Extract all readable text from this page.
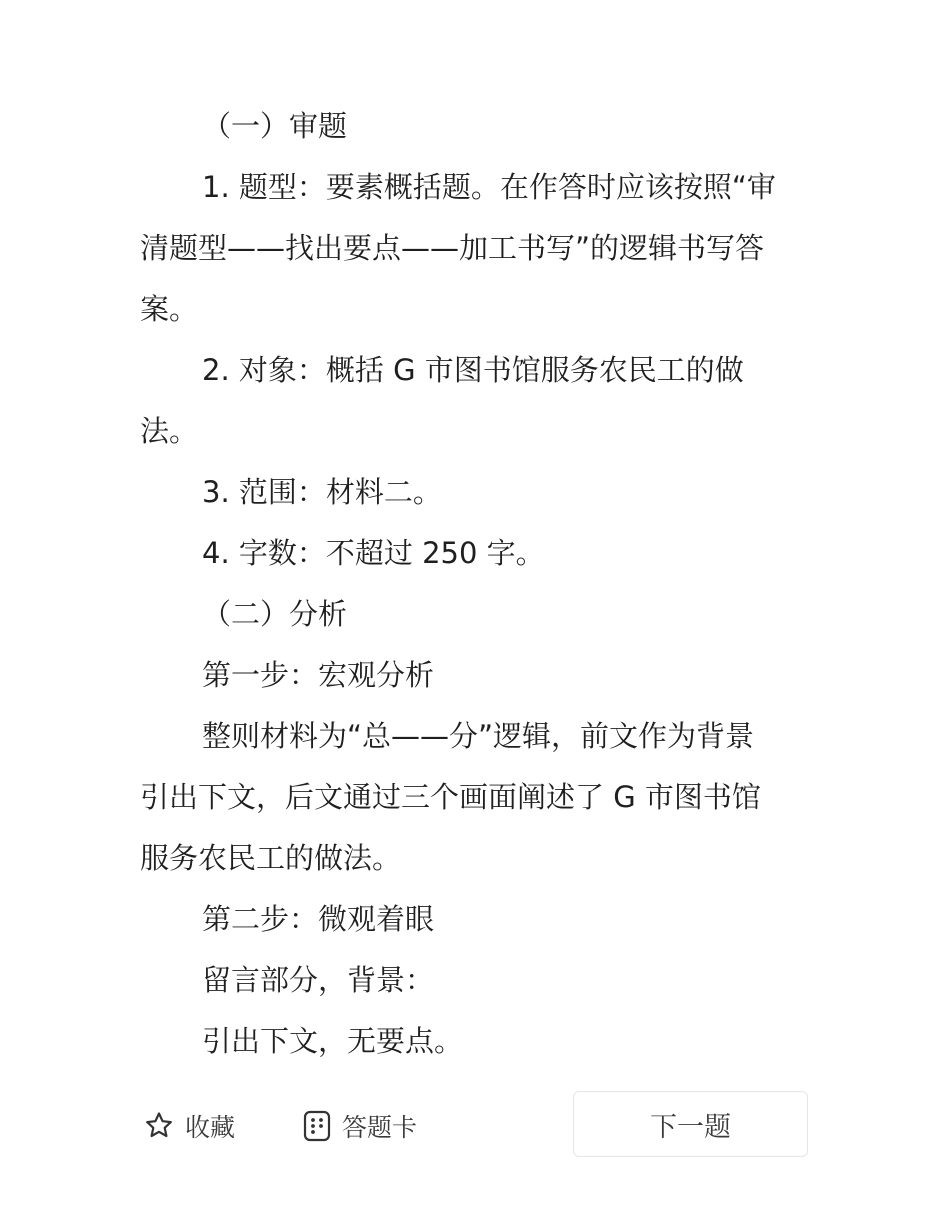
（一）审题
1. 题型：要素概括题。在作答时应该按照“审
清题型——找出要点——加工书写”的逻辑书写答
案。
2. 对象：概括 G 市图书馆服务农民工的做
法。
3. 范围：材料二。
4. 字数：不超过 250 字。
（二）分析
第一步：宏观分析
整则材料为“总——分”逻辑，前文作为背景
引出下文，后文通过三个画面阐述了 G 市图书馆
服务农民工的做法。
第二步：微观着眼
留言部分，背景：
引出下文，无要点。
收藏	答题卡	下一题
